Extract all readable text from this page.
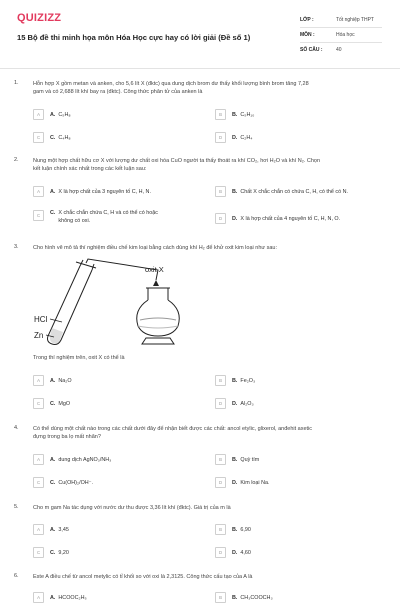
QUIZIZZ
15 Bộ đề thi minh họa môn Hóa Học cực hay có lời giải (Đề số 1)
LỚP :	Tốt nghiệp THPT
MÔN :	Hóa học
SỐ CÂU :	40
1.	Hỗn hợp X gồm metan và anken, cho 5,6 lít X (đktc) qua dung dịch brom dư thấy khối lượng bình brom tăng 7,28
gam và có 2,688 lít khí bay ra (đktc). Công thức phân tử của anken là
A	A. C₅H₈	B	B. C₅H₁₀
C	C. C₄H₈	D	D. C₂H₄
2.	Nung một hợp chất hữu cơ X với lượng dư chất oxi hóa CuO người ta thấy thoát ra khí CO₂, hơi H₂O và khí N₂. Chọn
kết luận chính xác nhất trong các kết luận sau:
A	A. X là hợp chất của 3 nguyên tố C, H, N.	B	B. Chất X chắc chắn có chứa C, H, có thể có N.
C	C. X chắc chắn chứa C, H và có thể có hoặc
không có oxi.	D	D. X là hợp chất của 4 nguyên tố C, H, N, O.
3.	Cho hình vẽ mô tả thí nghiệm điều chế kim loại bằng cách dùng khí H₂ để khử oxit kim loại như sau:
oxit X
HCl
Zn
Trong thí nghiệm trên, oxit X có thể là
A	A. Na₂O	B	B. Fe₂O₃
C	C. MgO	D	D. Al₂O₃
4.	Có thể dùng một chất nào trong các chất dưới đây để nhận biết được các chất: ancol etylic, glixerol, anđehit axetic
đựng trong ba lọ mất nhãn?
A	A. dung dịch AgNO₃/NH₃	B	B. Quỳ tím
C	C. Cu(OH)₂/OH⁻.	D	D. Kim loại Na.
5.	Cho m gam Na tác dụng với nước dư thu được 3,36 lít khí (đktc). Giá trị của m là
A	A. 3,45	B	B. 6,90
C	C. 9,20	D	D. 4,60
6.	Este A điều chế từ ancol metylic có tỉ khối so với oxi là 2,3125. Công thức cấu tạo của A là
A	A. HCOOC₂H₅	B	B. CH₃COOCH₃
